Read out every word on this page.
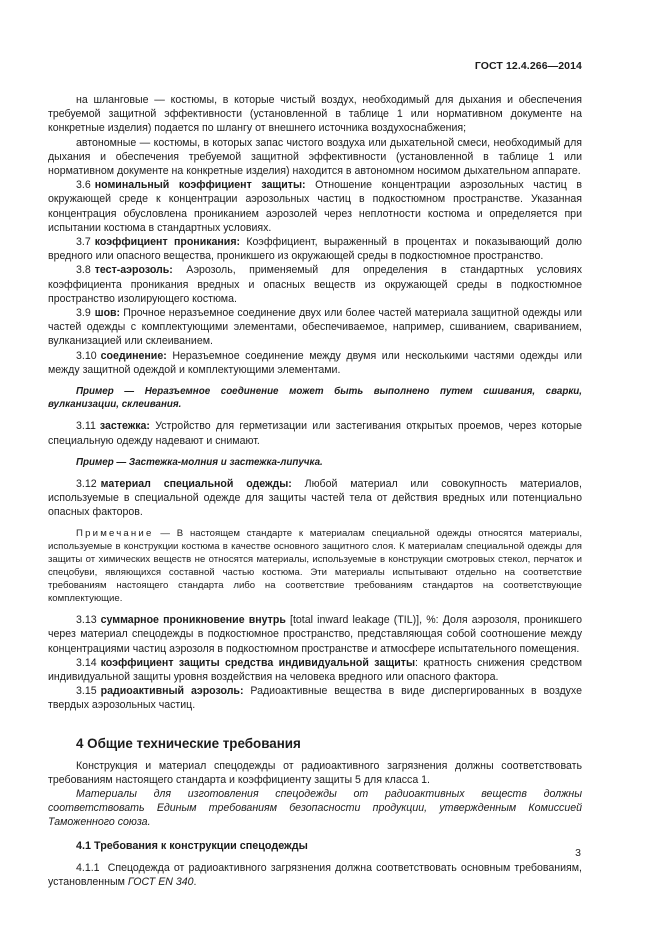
ГОСТ 12.4.266—2014

на шланговые — костюмы, в которые чистый воздух, необходимый для дыхания и обеспечения требуемой защитной эффективности (установленной в таблице 1 или нормативном документе на конкретные изделия) подается по шлангу от внешнего источника воздухоснабжения;

автономные — костюмы, в которых запас чистого воздуха или дыхательной смеси, необходимый для дыхания и обеспечения требуемой защитной эффективности (установленной в таблице 1 или нормативном документе на конкретные изделия) находится в автономном носимом дыхательном аппарате.

3.6 номинальный коэффициент защиты: Отношение концентрации аэрозольных частиц в окружающей среде к концентрации аэрозольных частиц в подкостюмном пространстве. Указанная концентрация обусловлена прониканием аэрозолей через неплотности костюма и определяется при испытании костюма в стандартных условиях.

3.7 коэффициент проникания: Коэффициент, выраженный в процентах и показывающий долю вредного или опасного вещества, проникшего из окружающей среды в подкостюмное пространство.

3.8 тест-аэрозоль: Аэрозоль, применяемый для определения в стандартных условиях коэффициента проникания вредных и опасных веществ из окружающей среды в подкостюмное пространство изолирующего костюма.

3.9 шов: Прочное неразъемное соединение двух или более частей материала защитной одежды или частей одежды с комплектующими элементами, обеспечиваемое, например, сшиванием, свариванием, вулканизацией или склеиванием.

3.10 соединение: Неразъемное соединение между двумя или несколькими частями одежды или между защитной одеждой и комплектующими элементами.

Пример — Неразъемное соединение может быть выполнено путем сшивания, сварки, вулканизации, склеивания.

3.11 застежка: Устройство для герметизации или застегивания открытых проемов, через которые специальную одежду надевают и снимают.

Пример — Застежка-молния и застежка-липучка.

3.12 материал специальной одежды: Любой материал или совокупность материалов, используемые в специальной одежде для защиты частей тела от действия вредных или потенциально опасных факторов.

Примечание — В настоящем стандарте к материалам специальной одежды относятся материалы, используемые в конструкции костюма в качестве основного защитного слоя. К материалам специальной одежды для защиты от химических веществ не относятся материалы, используемые в конструкции смотровых стекол, перчаток и спецобуви, являющихся составной частью костюма. Эти материалы испытывают отдельно на соответствие требованиям настоящего стандарта либо на соответствие требованиям стандартов на соответствующие комплектующие.

3.13 суммарное проникновение внутрь [total inward leakage (TIL)], %: Доля аэрозоля, проникшего через материал спецодежды в подкостюмное пространство, представляющая собой соотношение между концентрациями частиц аэрозоля в подкостюмном пространстве и атмосфере испытательного помещения.

3.14 коэффициент защиты средства индивидуальной защиты: кратность снижения средством индивидуальной защиты уровня воздействия на человека вредного или опасного фактора.

3.15 радиоактивный аэрозоль: Радиоактивные вещества в виде диспергированных в воздухе твердых аэрозольных частиц.

4 Общие технические требования

Конструкция и материал спецодежды от радиоактивного загрязнения должны соответствовать требованиям настоящего стандарта и коэффициенту защиты 5 для класса 1.

Материалы для изготовления спецодежды от радиоактивных веществ должны соответствовать Единым требованиям безопасности продукции, утвержденным Комиссией Таможенного союза.

4.1 Требования к конструкции спецодежды

4.1.1 Спецодежда от радиоактивного загрязнения должна соответствовать основным требованиям, установленным ГОСТ EN 340.

3
